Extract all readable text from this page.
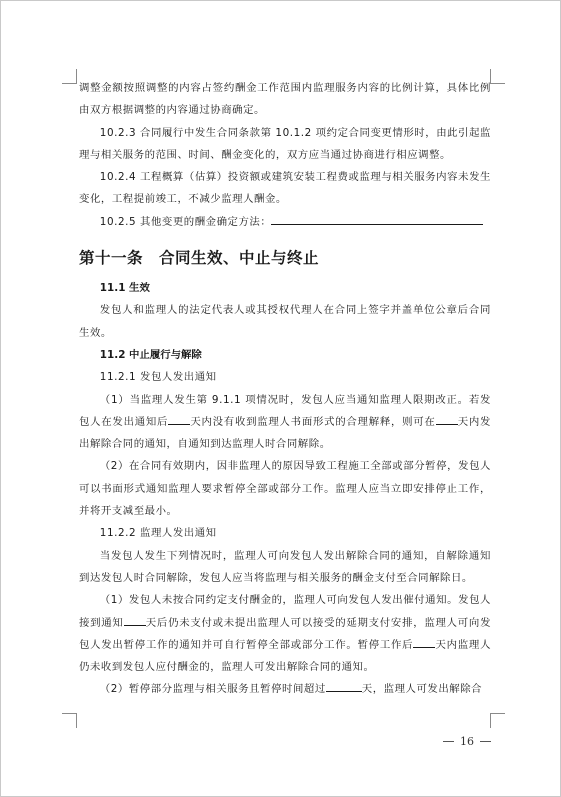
调整金额按照调整的内容占签约酬金工作范围内监理服务内容的比例计算，具体比例由双方根据调整的内容通过协商确定。

10.2.3 合同履行中发生合同条款第 10.1.2 项约定合同变更情形时，由此引起监理与相关服务的范围、时间、酬金变化的，双方应当通过协商进行相应调整。

10.2.4 工程概算（估算）投资额或建筑安装工程费或监理与相关服务内容未发生变化，工程提前竣工，不减少监理人酬金。

10.2.5 其他变更的酬金确定方法：

第十一条　合同生效、中止与终止

11.1 生效

发包人和监理人的法定代表人或其授权代理人在合同上签字并盖单位公章后合同生效。

11.2 中止履行与解除

11.2.1 发包人发出通知

（1）当监理人发生第 9.1.1 项情况时，发包人应当通知监理人限期改正。若发包人在发出通知后 天内没有收到监理人书面形式的合理解释，则可在 天内发出解除合同的通知，自通知到达监理人时合同解除。

（2）在合同有效期内，因非监理人的原因导致工程施工全部或部分暂停，发包人可以书面形式通知监理人要求暂停全部或部分工作。监理人应当立即安排停止工作，并将开支减至最小。

11.2.2 监理人发出通知

当发包人发生下列情况时，监理人可向发包人发出解除合同的通知，自解除通知到达发包人时合同解除，发包人应当将监理与相关服务的酬金支付至合同解除日。

（1）发包人未按合同约定支付酬金的，监理人可向发包人发出催付通知。发包人接到通知 天后仍未支付或未提出监理人可以接受的延期支付安排，监理人可向发包人发出暂停工作的通知并可自行暂停全部或部分工作。暂停工作后 天内监理人仍未收到发包人应付酬金的，监理人可发出解除合同的通知。

（2）暂停部分监理与相关服务且暂停时间超过	天，监理人可发出解除合

16
